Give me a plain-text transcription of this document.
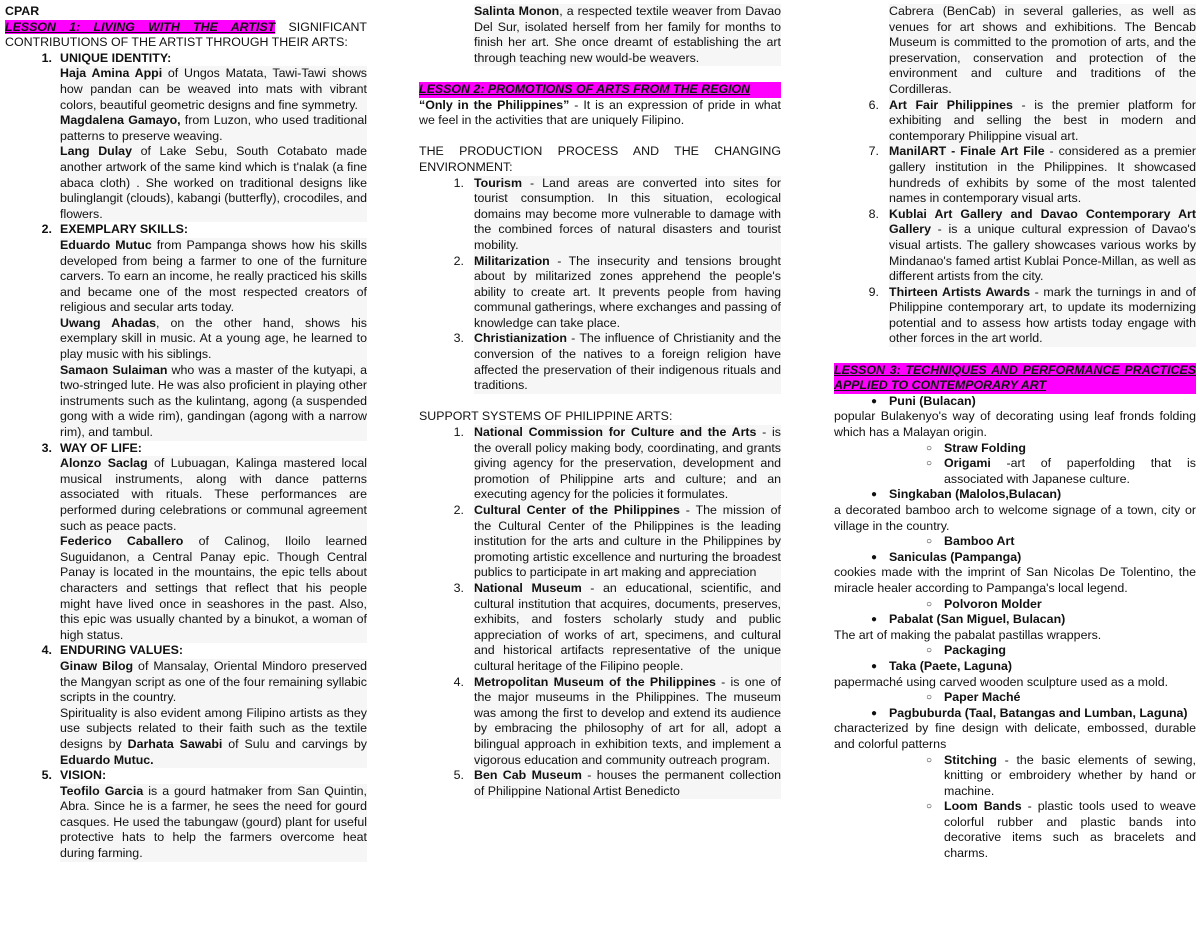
CPAR

LESSON 1: LIVING WITH THE ARTIST SIGNIFICANT CONTRIBUTIONS OF THE ARTIST THROUGH THEIR ARTS:

1. UNIQUE IDENTITY:

Haja Amina Appi of Ungos Matata, Tawi-Tawi shows how pandan can be weaved into mats with vibrant colors, beautiful geometric designs and fine symmetry.

Magdalena Gamayo, from Luzon, who used traditional patterns to preserve weaving.

Lang Dulay of Lake Sebu, South Cotabato made another artwork of the same kind which is t'nalak (a fine abaca cloth) . She worked on traditional designs like bulinglangit (clouds), kabangi (butterfly), crocodiles, and flowers.

2. EXEMPLARY SKILLS:

Eduardo Mutuc from Pampanga shows how his skills developed from being a farmer to one of the furniture carvers. To earn an income, he really practiced his skills and became one of the most respected creators of religious and secular arts today.

Uwang Ahadas, on the other hand, shows his exemplary skill in music. At a young age, he learned to play music with his siblings.

Samaon Sulaiman who was a master of the kutyapi, a two-stringed lute. He was also proficient in playing other instruments such as the kulintang, agong (a suspended gong with a wide rim), gandingan (agong with a narrow rim), and tambul.

3. WAY OF LIFE:

Alonzo Saclag of Lubuagan, Kalinga mastered local musical instruments, along with dance patterns associated with rituals. These performances are performed during celebrations or communal agreement such as peace pacts.

Federico Caballero of Calinog, Iloilo learned Suguidanon, a Central Panay epic. Though Central Panay is located in the mountains, the epic tells about characters and settings that reflect that his people might have lived once in seashores in the past. Also, this epic was usually chanted by a binukot, a woman of high status.

4. ENDURING VALUES:

Ginaw Bilog of Mansalay, Oriental Mindoro preserved the Mangyan script as one of the four remaining syllabic scripts in the country.

Spirituality is also evident among Filipino artists as they use subjects related to their faith such as the textile designs by Darhata Sawabi of Sulu and carvings by Eduardo Mutuc.

5. VISION:

Teofilo Garcia is a gourd hatmaker from San Quintin, Abra. Since he is a farmer, he sees the need for gourd casques. He used the tabungaw (gourd) plant for useful protective hats to help the farmers overcome heat during farming.

Salinta Monon, a respected textile weaver from Davao Del Sur, isolated herself from her family for months to finish her art. She once dreamt of establishing the art through teaching new would-be weavers.

LESSON 2: PROMOTIONS OF ARTS FROM THE REGION

“Only in the Philippines” - It is an expression of pride in what we feel in the activities that are uniquely Filipino.

THE PRODUCTION PROCESS AND THE CHANGING ENVIRONMENT:

1. Tourism - Land areas are converted into sites for tourist consumption. In this situation, ecological domains may become more vulnerable to damage with the combined forces of natural disasters and tourist mobility.
2. Militarization - The insecurity and tensions brought about by militarized zones apprehend the people's ability to create art. It prevents people from having communal gatherings, where exchanges and passing of knowledge can take place.
3. Christianization - The influence of Christianity and the conversion of the natives to a foreign religion have affected the preservation of their indigenous rituals and traditions.

SUPPORT SYSTEMS OF PHILIPPINE ARTS:

1. National Commission for Culture and the Arts - is the overall policy making body, coordinating, and grants giving agency for the preservation, development and promotion of Philippine arts and culture; and an executing agency for the policies it formulates.
2. Cultural Center of the Philippines - The mission of the Cultural Center of the Philippines is the leading institution for the arts and culture in the Philippines by promoting artistic excellence and nurturing the broadest publics to participate in art making and appreciation
3. National Museum - an educational, scientific, and cultural institution that acquires, documents, preserves, exhibits, and fosters scholarly study and public appreciation of works of art, specimens, and cultural and historical artifacts representative of the unique cultural heritage of the Filipino people.
4. Metropolitan Museum of the Philippines - is one of the major museums in the Philippines. The museum was among the first to develop and extend its audience by embracing the philosophy of art for all, adopt a bilingual approach in exhibition texts, and implement a vigorous education and community outreach program.
5. Ben Cab Museum - houses the permanent collection of Philippine National Artist Benedicto

Cabrera (BenCab) in several galleries, as well as venues for art shows and exhibitions. The Bencab Museum is committed to the promotion of arts, and the preservation, conservation and protection of the environment and culture and traditions of the Cordilleras.

6. Art Fair Philippines - is the premier platform for exhibiting and selling the best in modern and contemporary Philippine visual art.
7. ManilART - Finale Art File - considered as a premier gallery institution in the Philippines. It showcased hundreds of exhibits by some of the most talented names in contemporary visual arts.
8. Kublai Art Gallery and Davao Contemporary Art Gallery - is a unique cultural expression of Davao's visual artists. The gallery showcases various works by Mindanao's famed artist Kublai Ponce-Millan, as well as different artists from the city.
9. Thirteen Artists Awards - mark the turnings in and of Philippine contemporary art, to update its modernizing potential and to assess how artists today engage with other forces in the art world.

LESSON 3: TECHNIQUES AND PERFORMANCE PRACTICES APPLIED TO CONTEMPORARY ART

● Puni (Bulacan)

popular Bulakenyo's way of decorating using leaf fronds folding which has a Malayan origin.

○ Straw Folding
○ Origami -art of paperfolding that is associated with Japanese culture.
● Singkaban (Malolos,Bulacan)

a decorated bamboo arch to welcome signage of a town, city or village in the country.

○ Bamboo Art
● Saniculas (Pampanga)

cookies made with the imprint of San Nicolas De Tolentino, the miracle healer according to Pampanga's local legend.

○ Polvoron Molder
● Pabalat (San Miguel, Bulacan)

The art of making the pabalat pastillas wrappers.

○ Packaging
● Taka (Paete, Laguna)

papermaché using carved wooden sculpture used as a mold.

○ Paper Maché
● Pagbuburda (Taal, Batangas and Lumban, Laguna)

characterized by fine design with delicate, embossed, durable and colorful patterns

○ Stitching - the basic elements of sewing, knitting or embroidery whether by hand or machine.
○ Loom Bands - plastic tools used to weave colorful rubber and plastic bands into decorative items such as bracelets and charms.
